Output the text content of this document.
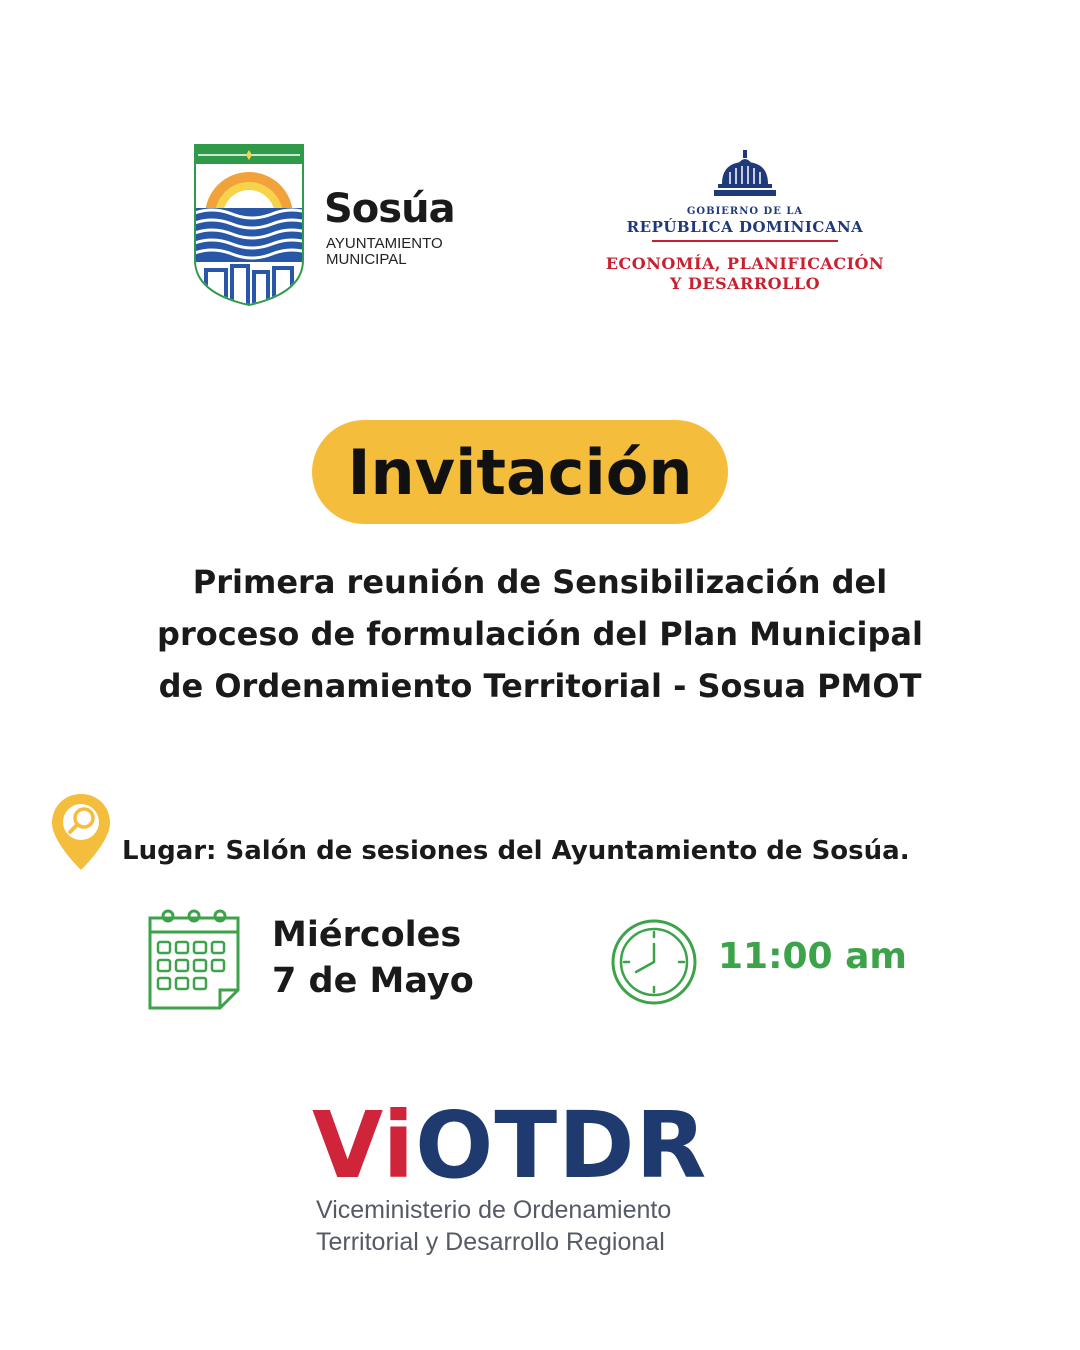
Sosúa
AYUNTAMIENTO
MUNICIPAL
GOBIERNO DE LA
REPÚBLICA DOMINICANA
ECONOMÍA, PLANIFICACIÓN
Y DESARROLLO
Invitación
Primera reunión de Sensibilización del
proceso de formulación del Plan Municipal
de Ordenamiento Territorial - Sosua PMOT
Lugar: Salón de sesiones del Ayuntamiento de Sosúa.
Miércoles
7 de Mayo
11:00 am
ViOTDR
Viceministerio de Ordenamiento
Territorial y Desarrollo Regional
